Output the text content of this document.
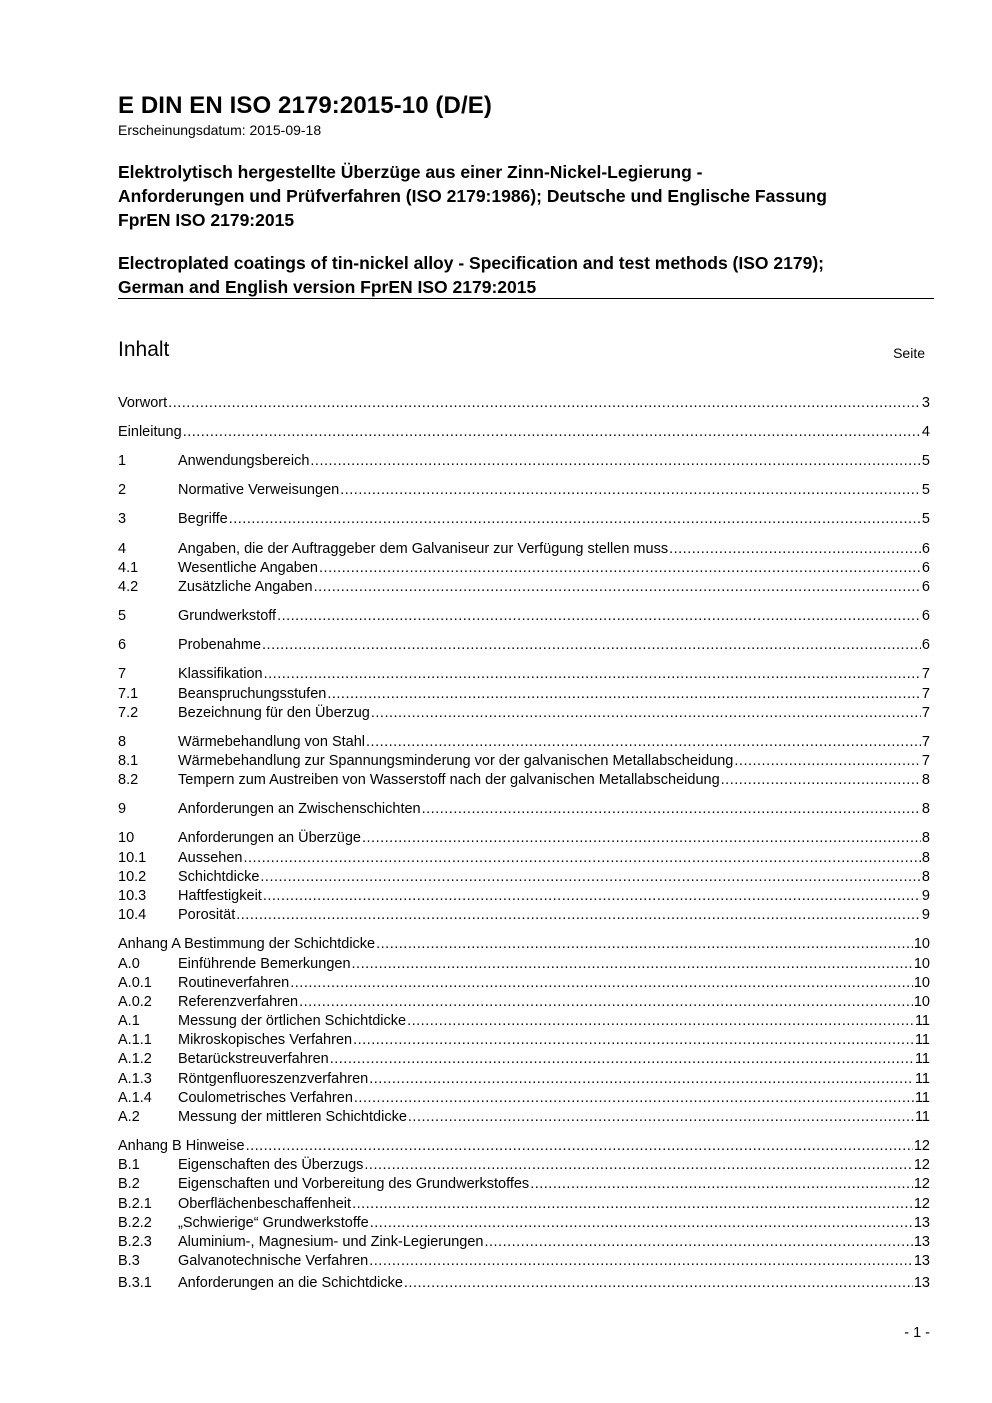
E DIN EN ISO 2179:2015-10 (D/E)
Erscheinungsdatum: 2015-09-18
Elektrolytisch hergestellte Überzüge aus einer Zinn-Nickel-Legierung -
Anforderungen und Prüfverfahren (ISO 2179:1986); Deutsche und Englische Fassung
FprEN ISO 2179:2015
Electroplated coatings of tin-nickel alloy - Specification and test methods (ISO 2179);
German and English version FprEN ISO 2179:2015
Inhalt	Seite
Vorwort .....	3
Einleitung .....	4
1	Anwendungsbereich .....	5
2	Normative Verweisungen .....	5
3	Begriffe .....	5
4	Angaben, die der Auftraggeber dem Galvaniseur zur Verfügung stellen muss .....	6
4.1	Wesentliche Angaben .....	6
4.2	Zusätzliche Angaben .....	6
5	Grundwerkstoff .....	6
6	Probenahme .....	6
7	Klassifikation .....	7
7.1	Beanspruchungsstufen .....	7
7.2	Bezeichnung für den Überzug .....	7
8	Wärmebehandlung von Stahl .....	7
8.1	Wärmebehandlung zur Spannungsminderung vor der galvanischen Metallabscheidung .....	7
8.2	Tempern zum Austreiben von Wasserstoff nach der galvanischen Metallabscheidung .....	8
9	Anforderungen an Zwischenschichten .....	8
10	Anforderungen an Überzüge .....	8
10.1	Aussehen .....	8
10.2	Schichtdicke .....	8
10.3	Haftfestigkeit .....	9
10.4	Porosität .....	9
Anhang A Bestimmung der Schichtdicke .....	10
A.0	Einführende Bemerkungen .....	10
A.0.1	Routineverfahren .....	10
A.0.2	Referenzverfahren .....	10
A.1	Messung der örtlichen Schichtdicke .....	11
A.1.1	Mikroskopisches Verfahren .....	11
A.1.2	Betarückstreuverfahren .....	11
A.1.3	Röntgenfluoreszenzverfahren .....	11
A.1.4	Coulometrisches Verfahren .....	11
A.2	Messung der mittleren Schichtdicke .....	11
Anhang B Hinweise .....	12
B.1	Eigenschaften des Überzugs .....	12
B.2	Eigenschaften und Vorbereitung des Grundwerkstoffes .....	12
B.2.1	Oberflächenbeschaffenheit .....	12
B.2.2	„Schwierige“ Grundwerkstoffe .....	13
B.2.3	Aluminium-, Magnesium- und Zink-Legierungen .....	13
B.3	Galvanotechnische Verfahren .....	13
B.3.1	Anforderungen an die Schichtdicke .....	13
- 1 -
